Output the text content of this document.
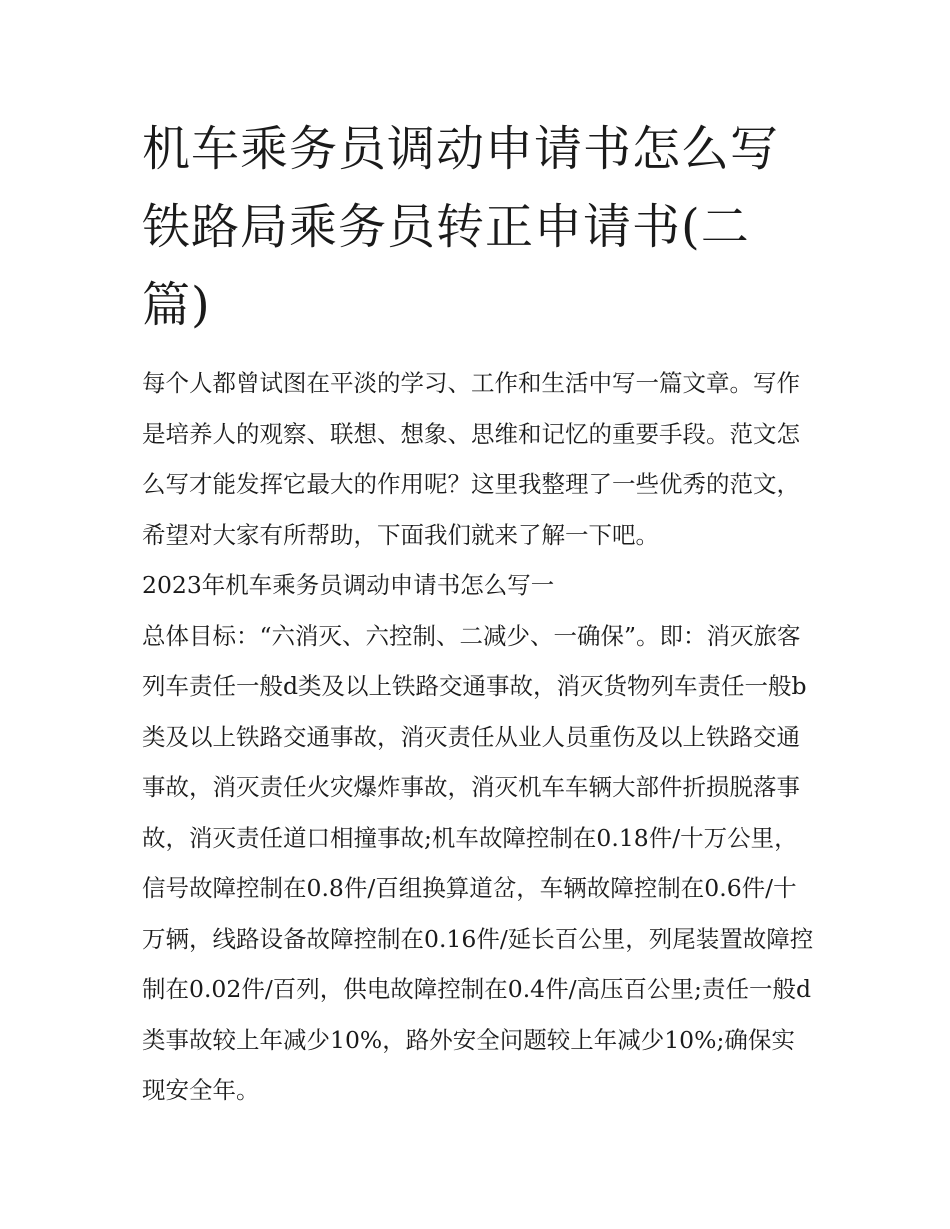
机车乘务员调动申请书怎么写铁路局乘务员转正申请书(二篇)

每个人都曾试图在平淡的学习、工作和生活中写一篇文章。写作是培养人的观察、联想、想象、思维和记忆的重要手段。范文怎么写才能发挥它最大的作用呢？这里我整理了一些优秀的范文，希望对大家有所帮助，下面我们就来了解一下吧。

2023年机车乘务员调动申请书怎么写一

总体目标：“六消灭、六控制、二减少、一确保”。即：消灭旅客列车责任一般d类及以上铁路交通事故，消灭货物列车责任一般b类及以上铁路交通事故，消灭责任从业人员重伤及以上铁路交通事故，消灭责任火灾爆炸事故，消灭机车车辆大部件折损脱落事故，消灭责任道口相撞事故;机车故障控制在0.18件/十万公里，信号故障控制在0.8件/百组换算道岔，车辆故障控制在0.6件/十万辆，线路设备故障控制在0.16件/延长百公里，列尾装置故障控制在0.02件/百列，供电故障控制在0.4件/高压百公里;责任一般d类事故较上年减少10%，路外安全问题较上年减少10%;确保实现安全年。
